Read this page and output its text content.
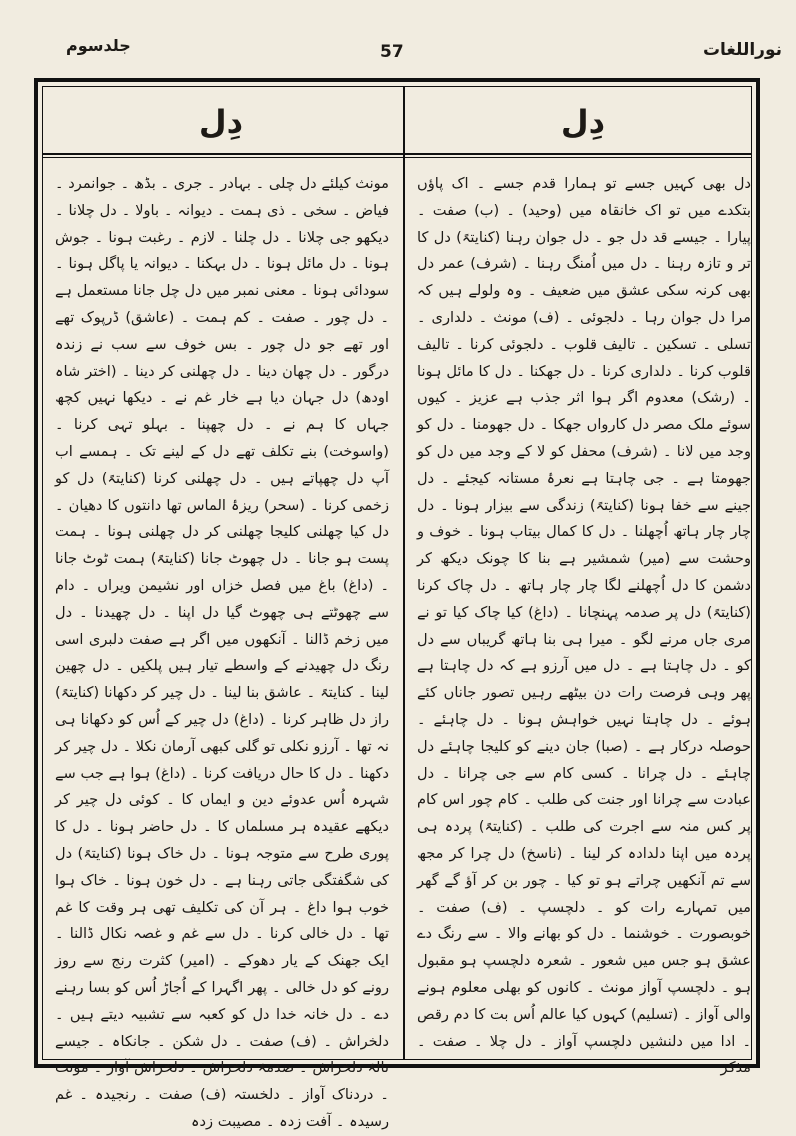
نوراللغات
57
جلدسوم
دِل	دِل

دل بھی کہیں جسے تو ہمارا قدم جسے ۔ اک پاؤں بتکدے میں تو اک خانقاہ میں (وحید) ۔ (ب) صفت ۔ پیارا ۔ جیسے قد دل جو ۔ دل جوان رہنا (کنایتہً) دل کا تر و تازہ رہنا ۔ دل میں اُمنگ رہنا ۔ (شرف) عمر دل بھی کرنہ سکی عشق میں ضعیف ۔ وہ ولولے ہیں کہ مرا دل جوان رہا ۔ دلجوئی ۔ (ف) مونث ۔ دلداری ۔ تسلی ۔ تسکین ۔ تالیف قلوب ۔ دلجوئی کرنا ۔ تالیف قلوب کرنا ۔ دلداری کرنا ۔ دل جھکنا ۔ دل کا مائل ہونا ۔ (رشک) معدوم اگر ہوا اثر جذب ہے عزیز ۔ کیوں سوئے ملک مصر دل کارواں جھکا ۔ دل جھومنا ۔ دل کو وجد میں لانا ۔ (شرف) محفل کو لا کے وجد میں دل کو جھومتا ہے ۔ جی چاہتا ہے نعرۂ مستانہ کیجئے ۔ دل جینے سے خفا ہونا (کنایتہً) زندگی سے بیزار ہونا ۔ دل چار چار ہاتھ اُچھلنا ۔ دل کا کمال بیتاب ہونا ۔ خوف و وحشت سے (میر) شمشیر ہے بنا کا چونک دیکھ کر دشمن کا دل اُچھلنے لگا چار چار ہاتھ ۔ دل چاک کرنا (کنایتہً) دل پر صدمہ پہنچانا ۔ (داغ) کیا چاک کیا تو نے مری جاں مرنے لگو ۔ میرا ہی بنا ہاتھ گریباں سے دل کو ۔ دل چاہتا ہے ۔ دل میں آرزو ہے کہ دل چاہتا ہے پھر وہی فرصت رات دن بیٹھے رہیں تصور جاناں کئے ہوئے ۔ دل چاہتا نہیں خواہش ہونا ۔ دل چاہئے ۔ حوصلہ درکار ہے ۔ (صبا) جان دینے کو کلیجا چاہئے دل چاہئے ۔ دل چرانا ۔ کسی کام سے جی چرانا ۔ دل عبادت سے چرانا اور جنت کی طلب ۔ کام چور اس کام پر کس منہ سے اجرت کی طلب ۔ (کنایتہً) پردہ ہی پردہ میں اپنا دلدادہ کر لینا ۔ (ناسخ) دل چرا کر مجھ سے تم آنکھیں چراتے ہو تو کیا ۔ چور بن کر آؤ گے گھر میں تمہارے رات کو ۔ دلچسپ ۔ (ف) صفت ۔ خوبصورت ۔ خوشنما ۔ دل کو بھانے والا ۔ سے رنگ دے عشق ہو جس میں شعور ۔ شعرہ دلچسپ ہو مقبول ہو ۔ دلچسپ آواز مونث ۔ کانوں کو بھلی معلوم ہونے والی آواز ۔ (تسلیم) کہوں کیا عالم اُس بت کا دم رقص ۔ ادا میں دلنشیں دلچسپ آواز ۔ دل چلا ۔ صفت ۔ مذکر

مونث کیلئے دل چلی ۔ بہادر ۔ جری ۔ بڈھ ۔ جوانمرد ۔ فیاض ۔ سخی ۔ ذی ہمت ۔ دیوانہ ۔ باولا ۔ دل چلانا ۔ دیکھو جی چلانا ۔ دل چلنا ۔ لازم ۔ رغبت ہونا ۔ جوش ہونا ۔ دل مائل ہونا ۔ دل بہکنا ۔ دیوانہ یا پاگل ہونا ۔ سودائی ہونا ۔ معنی نمبر میں دل چل جانا مستعمل ہے ۔ دل چور ۔ صفت ۔ کم ہمت ۔ (عاشق) ڈرپوک تھے اور تھے جو دل چور ۔ بس خوف سے سب نے زندہ درگور ۔ دل چھان دینا ۔ دل چھلنی کر دینا ۔ (اختر شاہ اودھ) دل جہان دیا ہے خار غم نے ۔ دیکھا نہیں کچھ جہاں کا ہم نے ۔ دل چھپنا ۔ بہلو تہی کرنا ۔ (واسوخت) بنے تکلف تھے دل کے لینے تک ۔ ہمسے اب آپ دل چھپاتے ہیں ۔ دل چھلنی کرنا (کنایتہً) دل کو زخمی کرنا ۔ (سحر) ریزۂ الماس تھا دانتوں کا دھیان ۔ دل کیا چھلنی کلیجا چھلنی کر دل چھلنی ہونا ۔ ہمت پست ہو جانا ۔ دل چھوٹ جانا (کنایتہً) ہمت ٹوٹ جانا ۔ (داغ) باغ میں فصل خزاں اور نشیمن ویراں ۔ دام سے چھوٹتے ہی چھوٹ گیا دل اپنا ۔ دل چھیدنا ۔ دل میں زخم ڈالنا ۔ آنکھوں میں اگر ہے صفت دلبری اسی رنگ دل چھیدنے کے واسطے تیار ہیں پلکیں ۔ دل چھین لینا ۔ کنایتہً ۔ عاشق بنا لینا ۔ دل چیر کر دکھانا (کنایتہً) راز دل ظاہر کرنا ۔ (داغ) دل چیر کے اُس کو دکھانا ہی نہ تھا ۔ آرزو نکلی تو گلی کبھی آرمان نکلا ۔ دل چیر کر دکھنا ۔ دل کا حال دریافت کرنا ۔ (داغ) ہوا ہے جب سے شہرہ اُس عدوئے دین و ایماں کا ۔ کوئی دل چیر کر دیکھے عقیدہ ہر مسلماں کا ۔ دل حاضر ہونا ۔ دل کا پوری طرح سے متوجہ ہونا ۔ دل خاک ہونا (کنایتہً) دل کی شگفتگی جاتی رہنا ہے ۔ دل خون ہونا ۔ خاک ہوا خوب ہوا داغ ۔ ہر آن کی تکلیف تھی ہر وقت کا غم تھا ۔ دل خالی کرنا ۔ دل سے غم و غصہ نکال ڈالنا ۔ ایک جھنک کے یار دھوکے ۔ (امیر) کثرت رنج سے روز رونے کو دل خالی ۔ پھر اگہرا کے اُجاڑ اُس کو بسا رہنے دے ۔ دل خانہ خدا دل کو کعبہ سے تشبیہ دیتے ہیں ۔ دلخراش ۔ (ف) صفت ۔ دل شکن ۔ جانکاہ ۔ جیسے نالۂ دلخراش ۔ صدمۂ دلخراش ۔ دلخراش آواز ۔ مونث ۔ دردناک آواز ۔ دلخستہ (ف) صفت ۔ رنجیدہ ۔ غم رسیدہ ۔ آفت زدہ ۔ مصیبت زدہ
